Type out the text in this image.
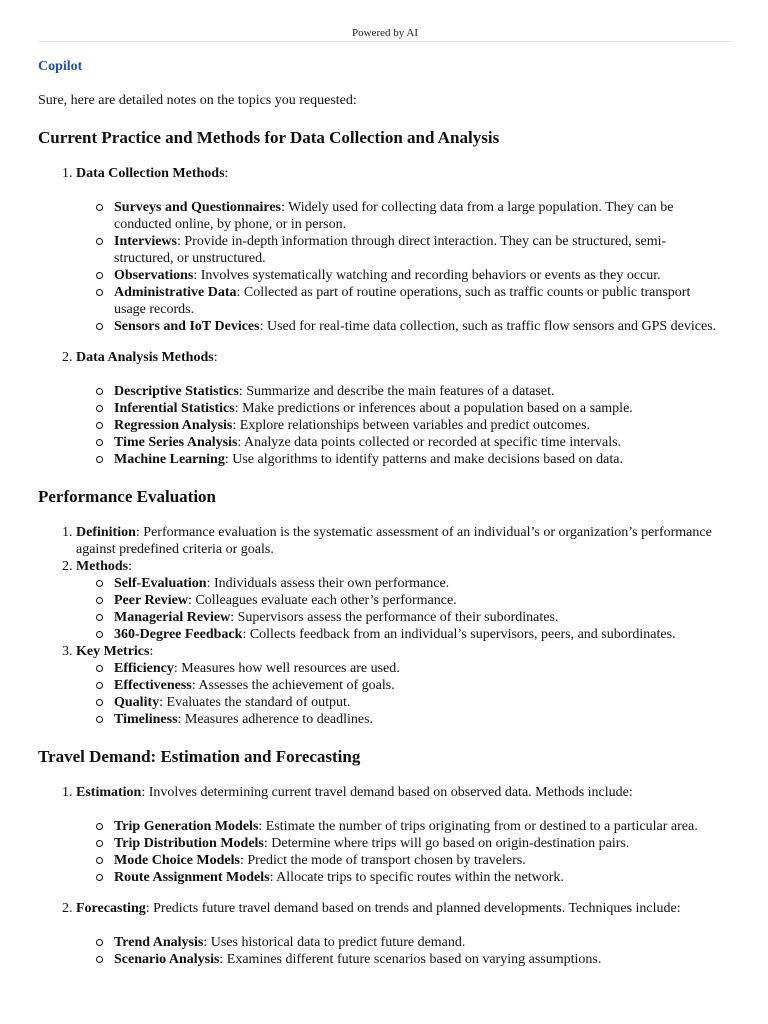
Powered by AI
Copilot
Sure, here are detailed notes on the topics you requested:
Current Practice and Methods for Data Collection and Analysis
1. Data Collection Methods:
Surveys and Questionnaires: Widely used for collecting data from a large population. They can be conducted online, by phone, or in person.
Interviews: Provide in-depth information through direct interaction. They can be structured, semi-structured, or unstructured.
Observations: Involves systematically watching and recording behaviors or events as they occur.
Administrative Data: Collected as part of routine operations, such as traffic counts or public transport usage records.
Sensors and IoT Devices: Used for real-time data collection, such as traffic flow sensors and GPS devices.
2. Data Analysis Methods:
Descriptive Statistics: Summarize and describe the main features of a dataset.
Inferential Statistics: Make predictions or inferences about a population based on a sample.
Regression Analysis: Explore relationships between variables and predict outcomes.
Time Series Analysis: Analyze data points collected or recorded at specific time intervals.
Machine Learning: Use algorithms to identify patterns and make decisions based on data.
Performance Evaluation
1. Definition: Performance evaluation is the systematic assessment of an individual’s or organization’s performance against predefined criteria or goals.
2. Methods:
Self-Evaluation: Individuals assess their own performance.
Peer Review: Colleagues evaluate each other’s performance.
Managerial Review: Supervisors assess the performance of their subordinates.
360-Degree Feedback: Collects feedback from an individual’s supervisors, peers, and subordinates.
3. Key Metrics:
Efficiency: Measures how well resources are used.
Effectiveness: Assesses the achievement of goals.
Quality: Evaluates the standard of output.
Timeliness: Measures adherence to deadlines.
Travel Demand: Estimation and Forecasting
1. Estimation: Involves determining current travel demand based on observed data. Methods include:
Trip Generation Models: Estimate the number of trips originating from or destined to a particular area.
Trip Distribution Models: Determine where trips will go based on origin-destination pairs.
Mode Choice Models: Predict the mode of transport chosen by travelers.
Route Assignment Models: Allocate trips to specific routes within the network.
2. Forecasting: Predicts future travel demand based on trends and planned developments. Techniques include:
Trend Analysis: Uses historical data to predict future demand.
Scenario Analysis: Examines different future scenarios based on varying assumptions.
